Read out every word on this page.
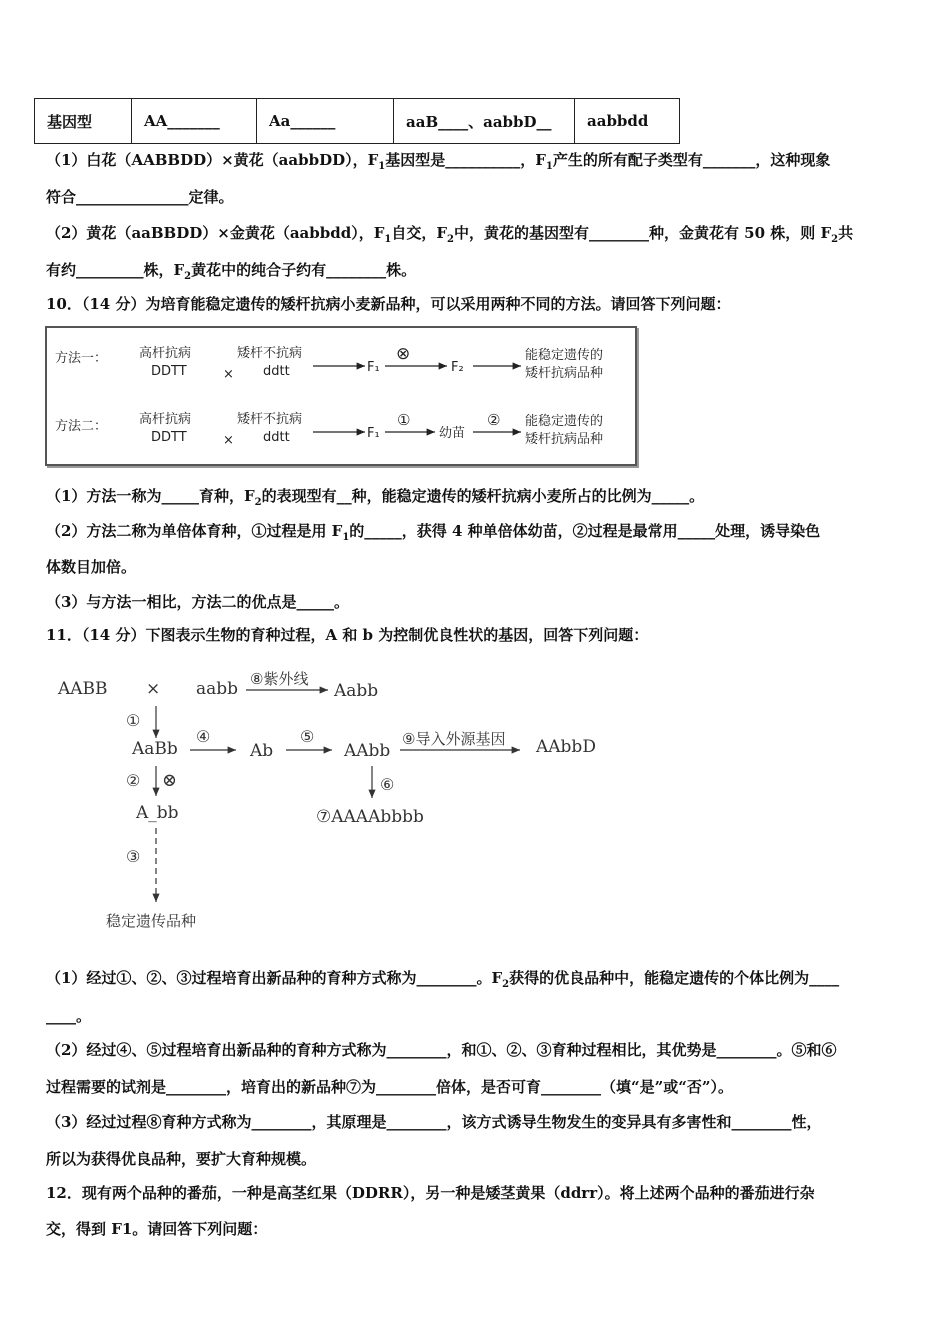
基因型	AA_______	Aa______	aaB____、aabbD__	aabbdd
（1）白花（AABBDD）×黄花（aabbDD），$F_1$基因型是__________，$F_1$产生的所有配子类型有_______，这种现象
符合_______________定律。
（2）黄花（aaBBDD）×金黄花（aabbdd），$F_1$自交，$F_2$中，黄花的基因型有________种，金黄花有 50 株，则 $F_2$共
有约_________株，$F_2$黄花中的纯合子约有________株。
10．（14 分）为培育能稳定遗传的矮杆抗病小麦新品种，可以采用两种不同的方法。请回答下列问题：
方法一： 高杆抗病
DDTT	×
矮杆不抗病
ddtt	F₁
⊗
F₂
能稳定遗传的
矮杆抗病品种
方法二： 高杆抗病
DDTT	×
矮杆不抗病
ddtt	F₁
①
幼苗
② 能稳定遗传的
矮杆抗病品种
（1）方法一称为_____育种，$F_2$的表现型有__种，能稳定遗传的矮杆抗病小麦所占的比例为_____。
（2）方法二称为单倍体育种，①过程是用 $F_1$的_____，获得 4 种单倍体幼苗，②过程是最常用_____处理，诱导染色
体数目加倍。
（3）与方法一相比，方法二的优点是_____。
11．（14 分）下图表示生物的育种过程，A 和 b 为控制优良性状的基因，回答下列问题：
AABB × aabb ⑧紫外线
Aabb
①
AaBb
④
Ab
⑤
AAbb
⑨导入外源基因 AAbbD
② ⊗	⑥
⑦AAAAbbbb
A_bb
③
稳定遗传品种
（1）经过①、②、③过程培育出新品种的育种方式称为________。$F_2$获得的优良品种中，能稳定遗传的个体比例为____
____。
（2）经过④、⑤过程培育出新品种的育种方式称为________，和①、②、③育种过程相比，其优势是________。⑤和⑥
过程需要的试剂是________，培育出的新品种⑦为________倍体，是否可育________（填“是”或“否”）。
（3）经过过程⑧育种方式称为________，其原理是________，该方式诱导生物发生的变异具有多害性和________性，
所以为获得优良品种，要扩大育种规模。
12．现有两个品种的番茄，一种是高茎红果（DDRR），另一种是矮茎黄果（ddrr）。将上述两个品种的番茄进行杂
交，得到 F1。请回答下列问题：
